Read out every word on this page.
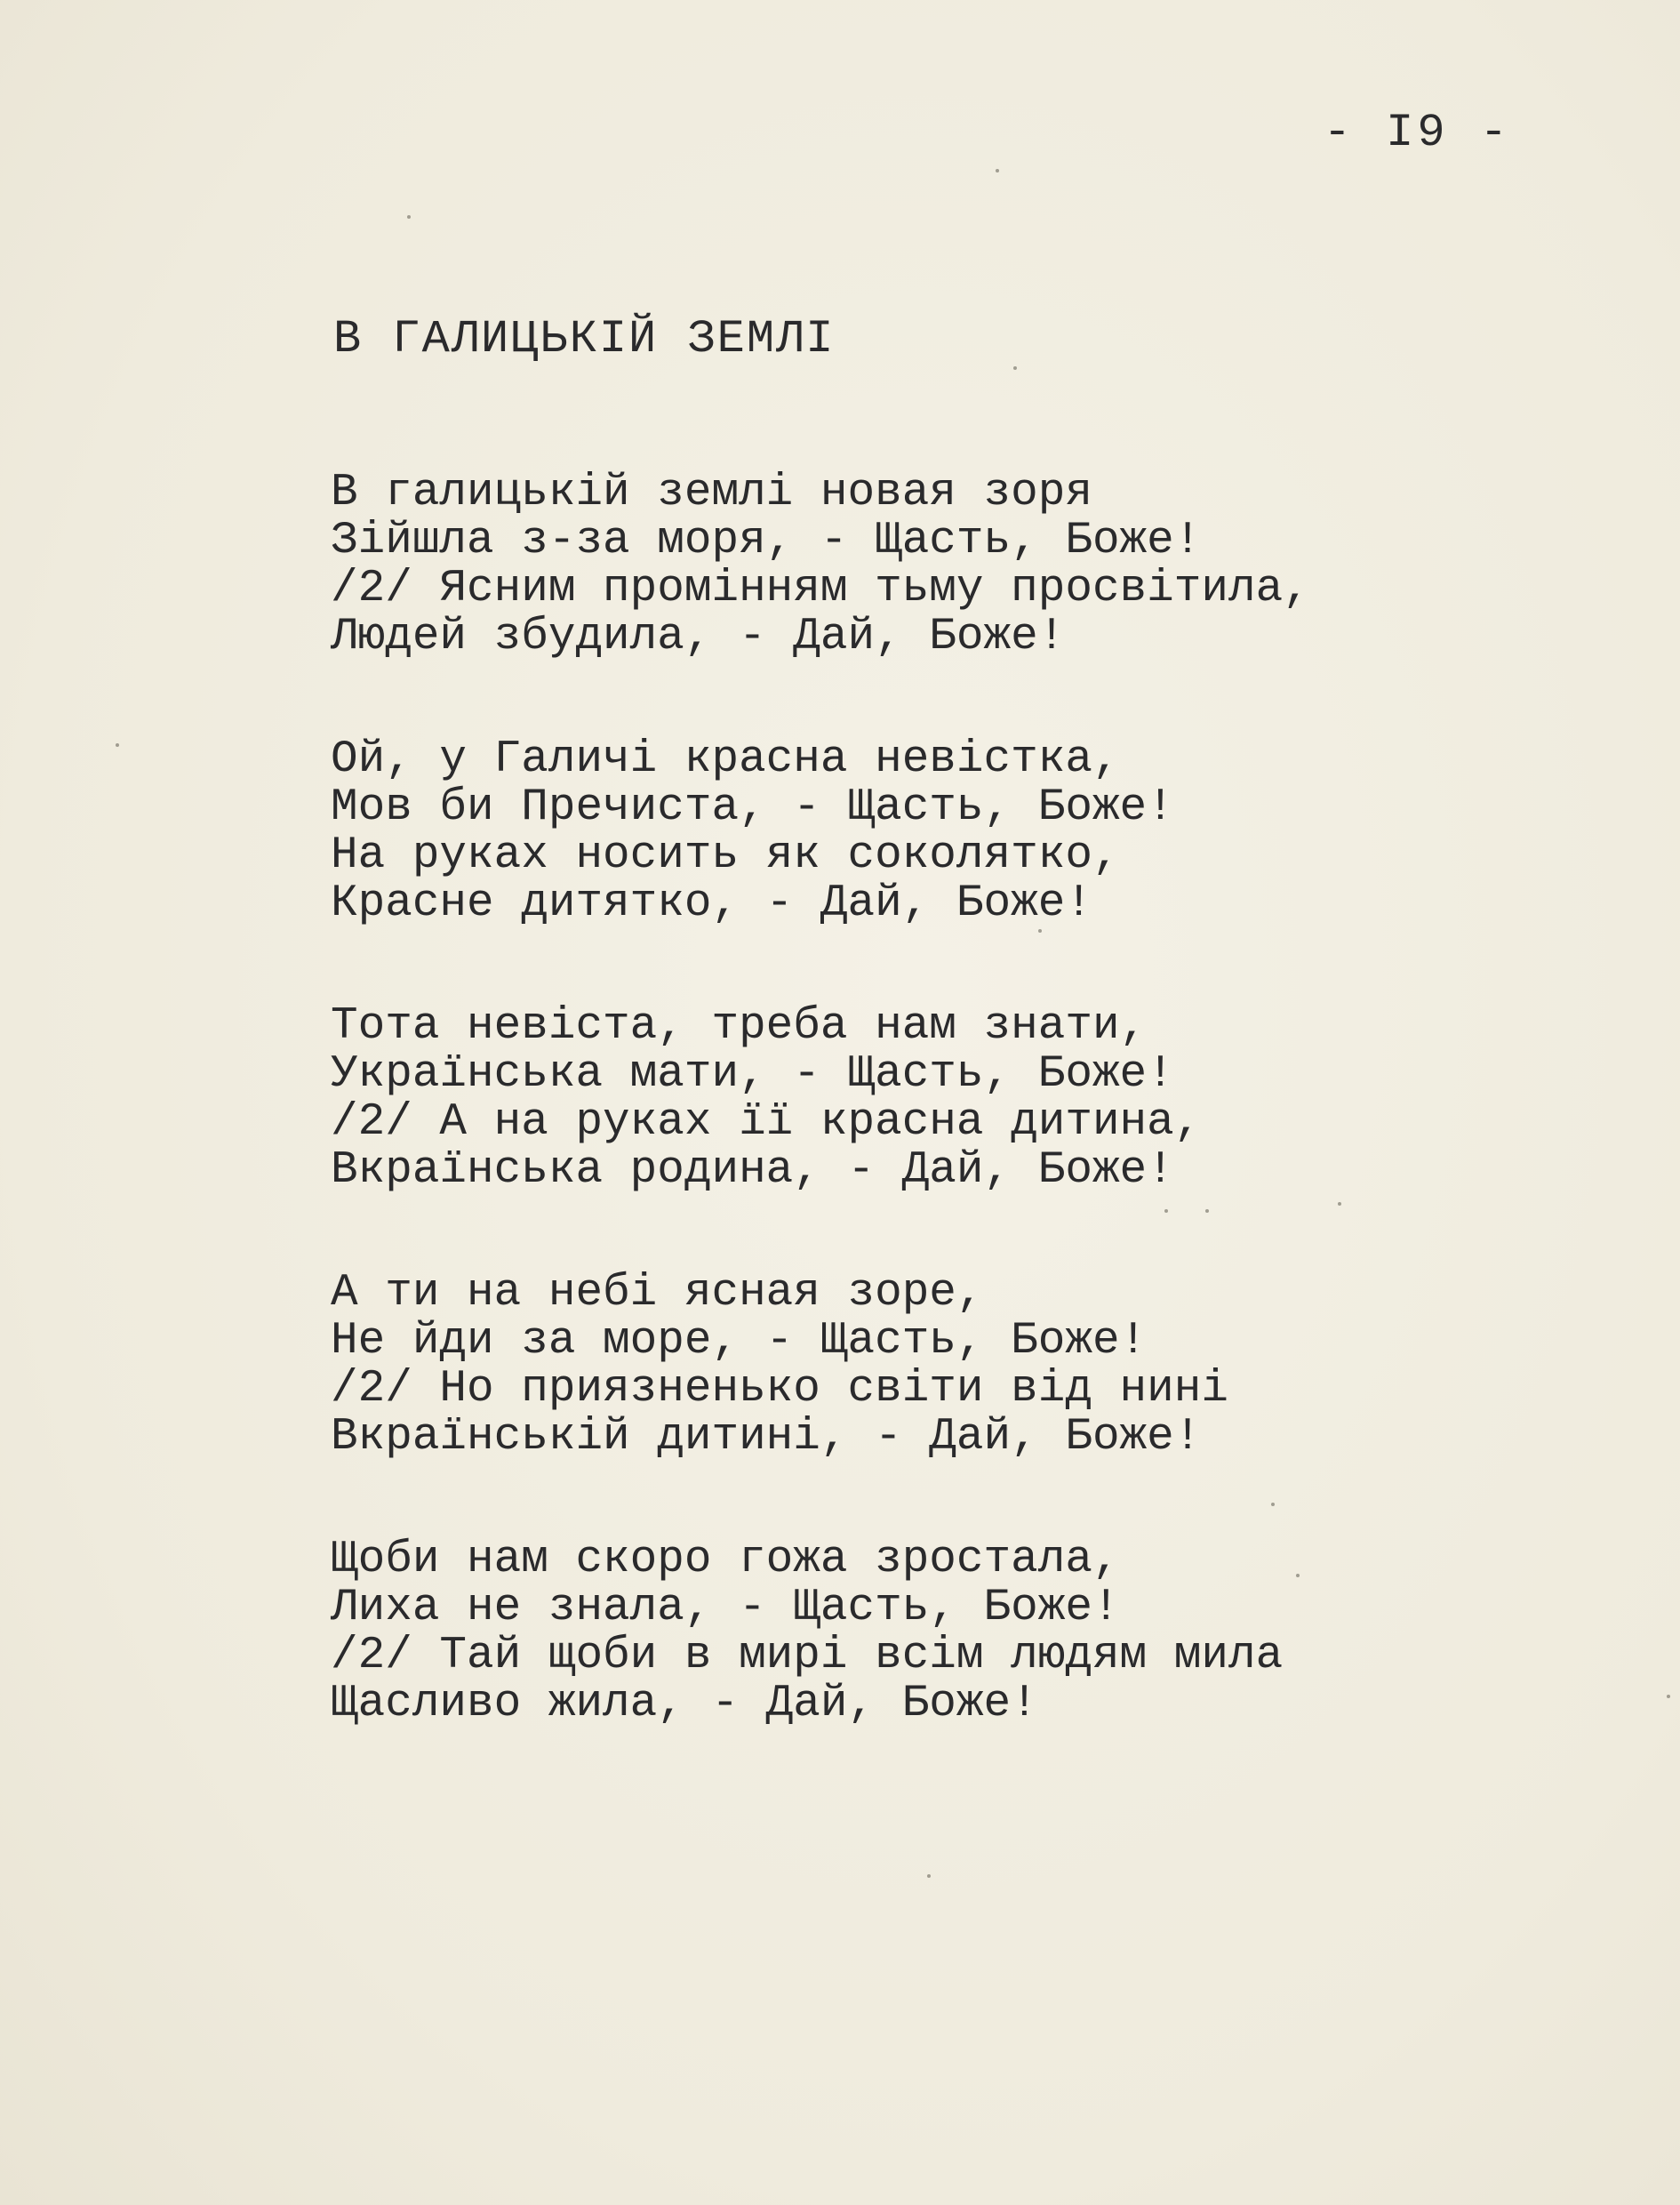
- I9 -
В ГАЛИЦЬКІЙ ЗЕМЛІ
В галицькій землі новая зоря
Зійшла з-за моря, - Щасть, Боже!
/2/ Ясним промінням тьму просвітила,
Людей збудила, - Дай, Боже!
Ой, у Галичі красна невістка,
Мов би Пречиста, - Щасть, Боже!
На руках носить як соколятко,
Красне дитятко, - Дай, Боже!
Тота невіста, треба нам знати,
Українська мати, - Щасть, Боже!
/2/ А на руках її красна дитина,
Вкраїнська родина, - Дай, Боже!
А ти на небі ясная зоре,
Не йди за море, - Щасть, Боже!
/2/ Но приязненько світи від нині
Вкраїнській дитині, - Дай, Боже!
Щоби нам скоро гожа зростала,
Лиха не знала, - Щасть, Боже!
/2/ Тай щоби в мирі всім людям мила
Щасливо жила, - Дай, Боже!
